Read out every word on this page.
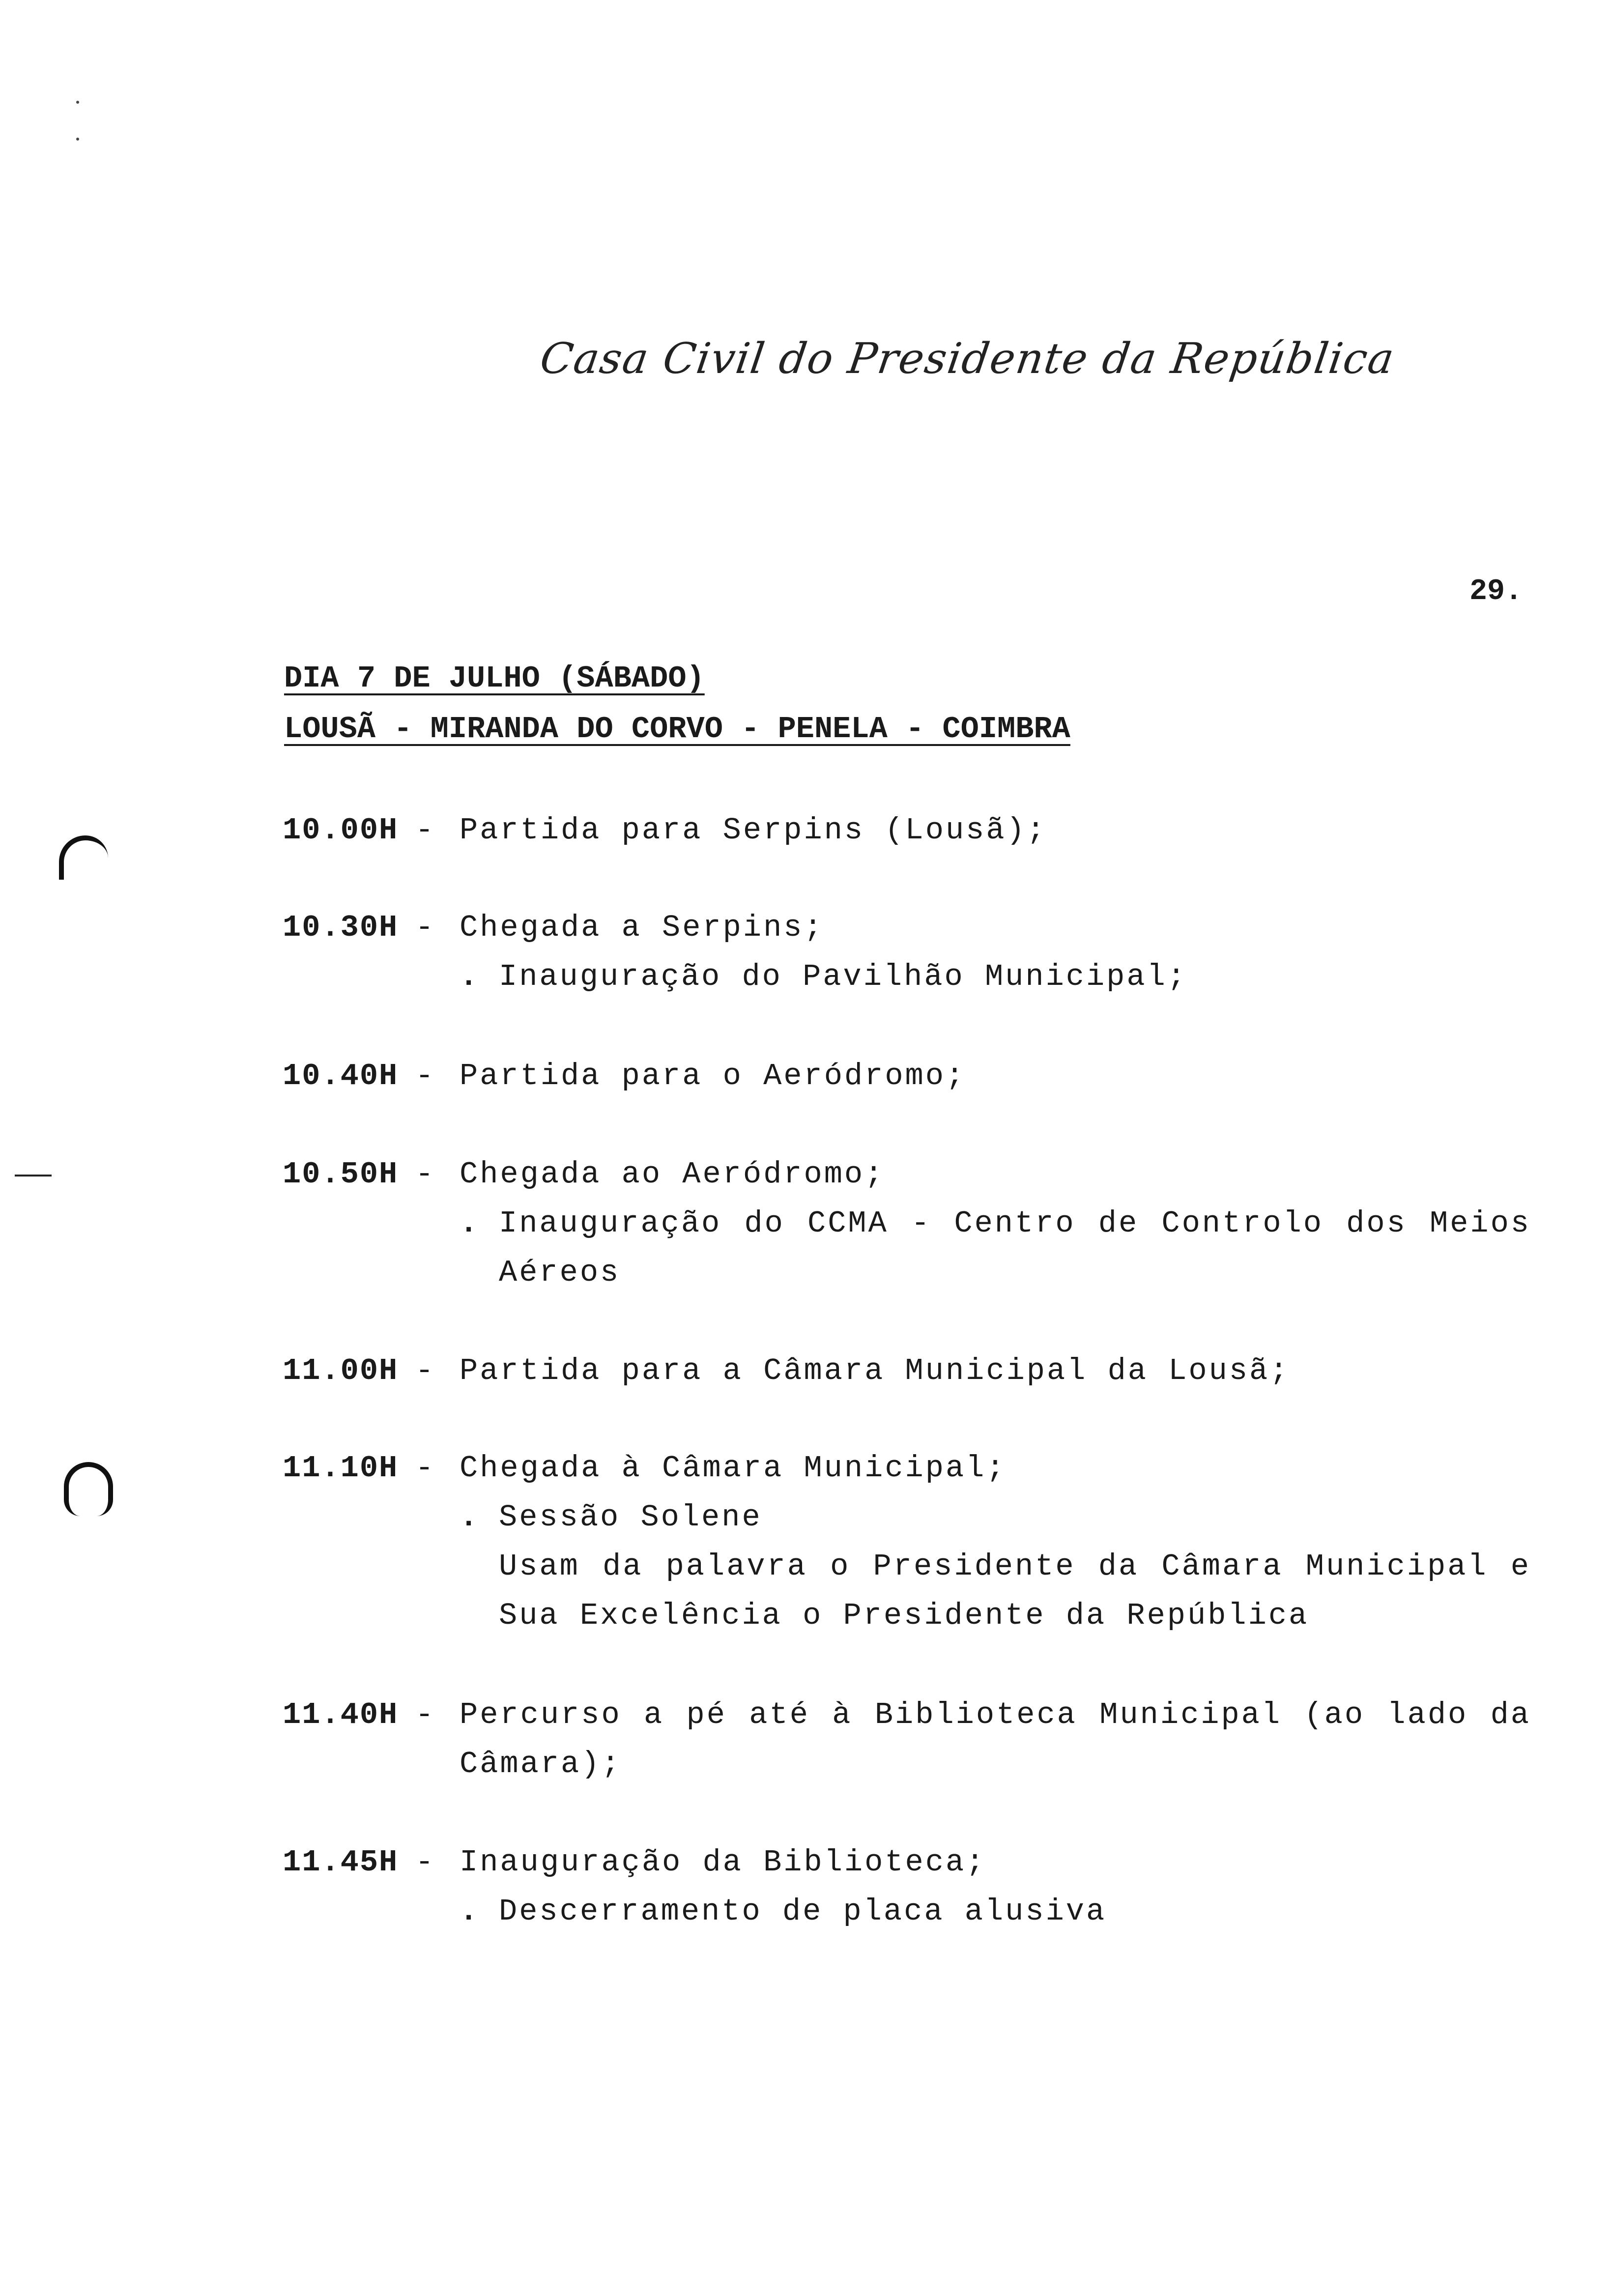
Casa Civil do Presidente da República
29.
DIA 7 DE JULHO (SÁBADO)
LOUSÃ - MIRANDA DO CORVO - PENELA - COIMBRA
10.00H - Partida para Serpins (Lousã);
10.30H - Chegada a Serpins;
. Inauguração do Pavilhão Municipal;
10.40H - Partida para o Aeródromo;
10.50H - Chegada ao Aeródromo;
. Inauguração do CCMA - Centro de Controlo dos Meios Aéreos
11.00H - Partida para a Câmara Municipal da Lousã;
11.10H - Chegada à Câmara Municipal;
. Sessão Solene
Usam da palavra o Presidente da Câmara Municipal e
Sua Excelência o Presidente da República
11.40H - Percurso a pé até à Biblioteca Municipal (ao lado da Câmara);
11.45H - Inauguração da Biblioteca;
. Descerramento de placa alusiva
